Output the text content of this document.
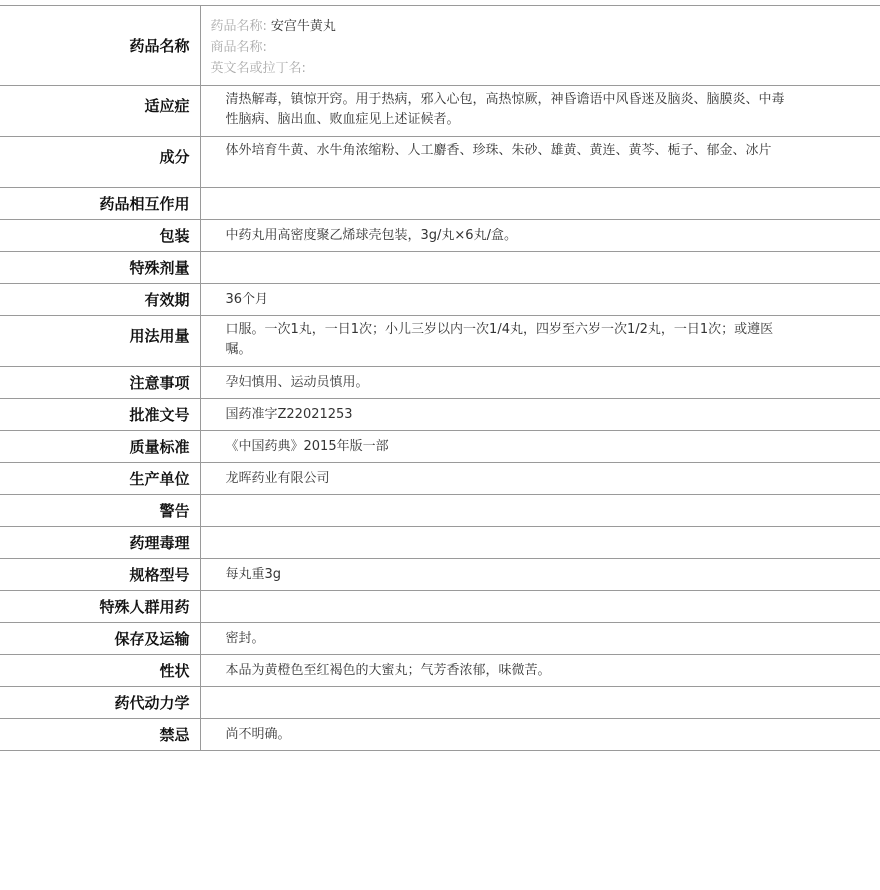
药品名称	药品名称: 安宫牛黄丸
商品名称:
英文名或拉丁名:

适应症	清热解毒，镇惊开窍。用于热病，邪入心包，高热惊厥，神昏谵语中风昏迷及脑炎、脑膜炎、中毒性脑病、脑出血、败血症见上述证候者。
成分	体外培育牛黄、水牛角浓缩粉、人工麝香、珍珠、朱砂、雄黄、黄连、黄芩、栀子、郁金、冰片
药品相互作用	
包装	中药丸用高密度聚乙烯球壳包装，3g/丸×6丸/盒。
特殊剂量	
有效期	36个月
用法用量	口服。一次1丸，一日1次；小儿三岁以内一次1/4丸，四岁至六岁一次1/2丸，一日1次；或遵医嘱。
注意事项	孕妇慎用、运动员慎用。
批准文号	国药准字Z22021253
质量标准	《中国药典》2015年版一部
生产单位	龙晖药业有限公司
警告	
药理毒理	
规格型号	每丸重3g
特殊人群用药	
保存及运输	密封。
性状	本品为黄橙色至红褐色的大蜜丸；气芳香浓郁，味微苦。
药代动力学	
禁忌	尚不明确。
